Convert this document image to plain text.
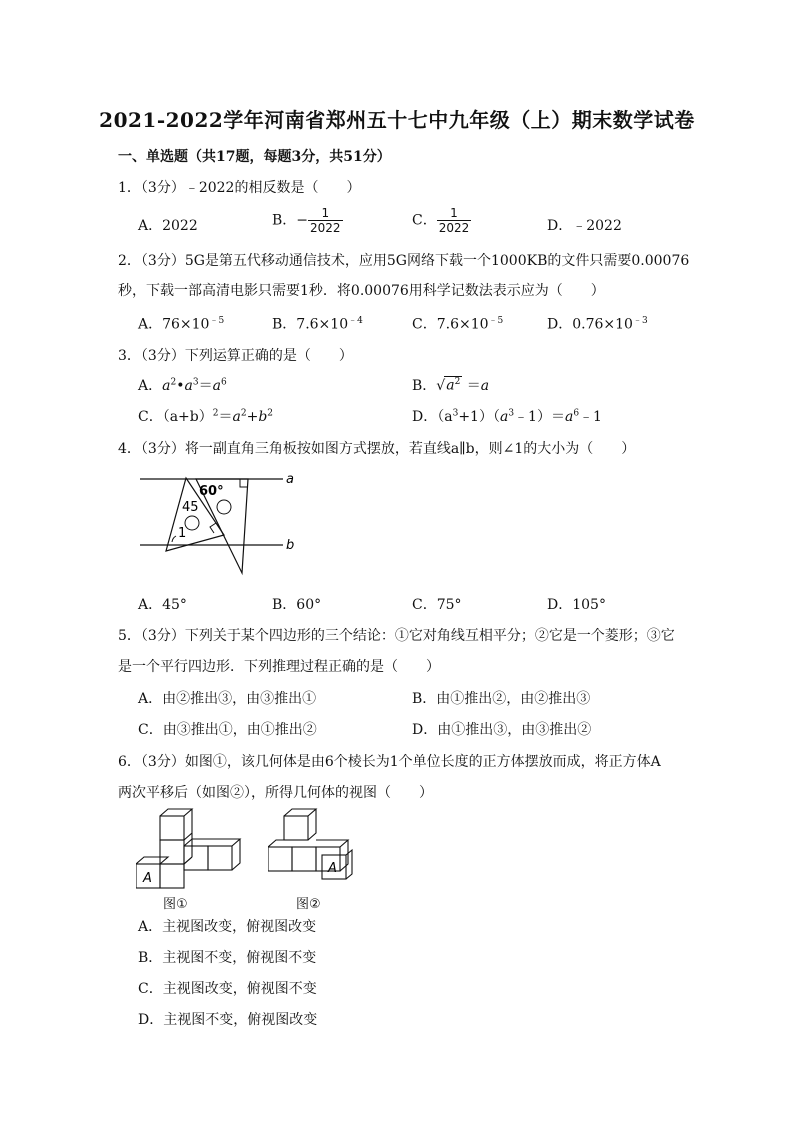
2021-2022学年河南省郑州五十七中九年级（上）期末数学试卷
一、单选题（共17题，每题3分，共51分）
1．（3分）﹣2022的相反数是（　　）
A．2022	B．− $\frac{1}{2022}$	C． $\frac{1}{2022}$	D．﹣2022
2．（3分）5G是第五代移动通信技术，应用5G网络下载一个1000KB的文件只需要0.00076
秒，下载一部高清电影只需要1秒．将0.00076用科学记数法表示应为（　　）
A．$76\times 10^{﹣5}$	B．$7.6\times 10^{﹣4}$	C．$7.6\times 10^{﹣5}$	D．$0.76\times 10^{﹣3}$
3．（3分）下列运算正确的是（　　）
A．$a^2•a^3=a^6$	B．$√a^2 =a$
C．$(a+b)^2=a^2+b^2$	D．$(a^3+1)(a^3﹣1)=a^6﹣1$
4．（3分）将一副直角三角板按如图方式摆放，若直线a∥b，则∠1的大小为（　　）
a
b
60°
45
1
A．45°	B．60°	C．75°	D．105°
5．（3分）下列关于某个四边形的三个结论：①它对角线互相平分；②它是一个菱形；③它
是一个平行四边形．下列推理过程正确的是（　　）
A．由②推出③，由③推出①	B．由①推出②，由②推出③
C．由③推出①，由①推出②	D．由①推出③，由③推出②
6．（3分）如图①，该几何体是由6个棱长为1个单位长度的正方体摆放而成，将正方体A
两次平移后（如图②），所得几何体的视图（　　）
A
图①
A
图②
A．主视图改变，俯视图改变
B．主视图不变，俯视图不变
C．主视图改变，俯视图不变
D．主视图不变，俯视图改变
